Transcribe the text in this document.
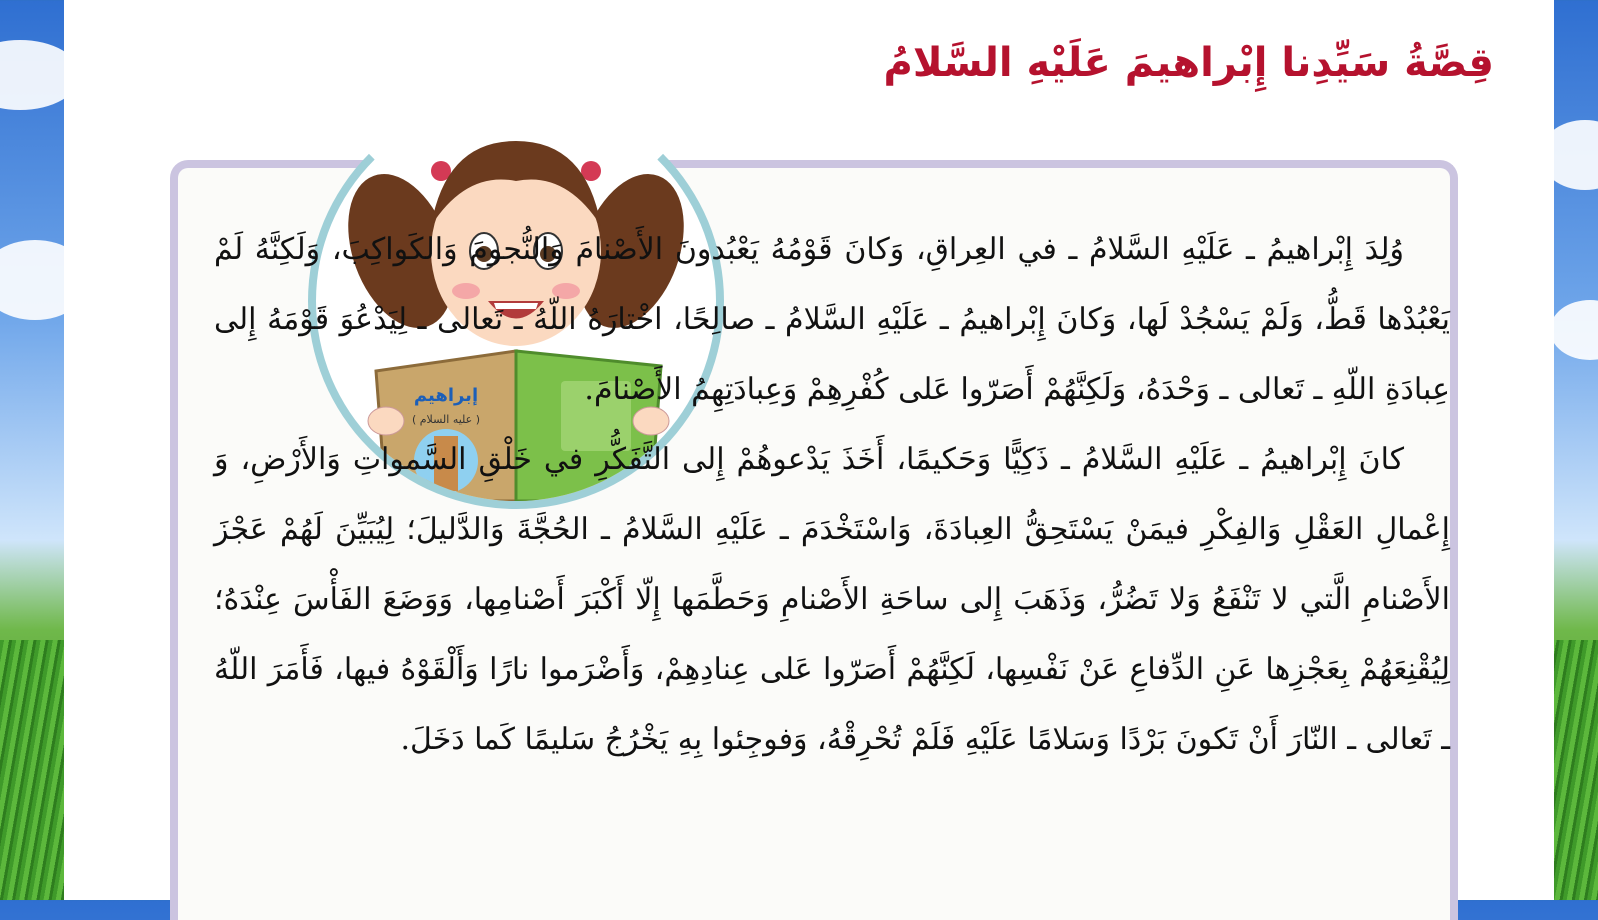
قِصَّةُ سَيِّدِنا إِبْراهيمَ عَلَيْهِ السَّلامُ
إبراهيم
( عليه السلام )

وُلِدَ إِبْراهيمُ ـ عَلَيْهِ السَّلامُ ـ في العِراقِ، وَكانَ قَوْمُهُ يَعْبُدونَ الأَصْنامَ وَالنُّجومَ وَالكَواكِبَ، وَلَكِنَّهُ لَمْ يَعْبُدْها قَطُّ، وَلَمْ يَسْجُدْ لَها، وَكانَ إِبْراهيمُ ـ عَلَيْهِ السَّلامُ ـ صالِحًا، اخْتارَهُ اللّهُ ـ تَعالى ـ لِيَدْعُوَ قَوْمَهُ إِلى عِبادَةِ اللّهِ ـ تَعالى ـ وَحْدَهُ، وَلَكِنَّهُمْ أَصَرّوا عَلى كُفْرِهِمْ وَعِبادَتِهِمُ الأَصْنامَ.

كانَ إِبْراهيمُ ـ عَلَيْهِ السَّلامُ ـ ذَكِيًّا وَحَكيمًا، أَخَذَ يَدْعوهُمْ إِلى التَّفَكُّرِ في خَلْقِ السَّمواتِ وَالأَرْضِ، وَ إِعْمالِ العَقْلِ وَالفِكْرِ فيمَنْ يَسْتَحِقُّ العِبادَةَ، وَاسْتَخْدَمَ ـ عَلَيْهِ السَّلامُ ـ الحُجَّةَ وَالدَّليلَ؛ لِيُبَيِّنَ لَهُمْ عَجْزَ الأَصْنامِ الَّتي لا تَنْفَعُ وَلا تَضُرُّ، وَذَهَبَ إِلى ساحَةِ الأَصْنامِ وَحَطَّمَها إِلّا أَكْبَرَ أَصْنامِها، وَوَضَعَ الفَأْسَ عِنْدَهُ؛ لِيُقْنِعَهُمْ بِعَجْزِها عَنِ الدِّفاعِ عَنْ نَفْسِها، لَكِنَّهُمْ أَصَرّوا عَلى عِنادِهِمْ، وَأَضْرَموا نارًا وَأَلْقَوْهُ فيها، فَأَمَرَ اللّهُ ـ تَعالى ـ النّارَ أَنْ تَكونَ بَرْدًا وَسَلامًا عَلَيْهِ فَلَمْ تُحْرِقْهُ، وَفوجِئوا بِهِ يَخْرُجُ سَليمًا كَما دَخَلَ.
